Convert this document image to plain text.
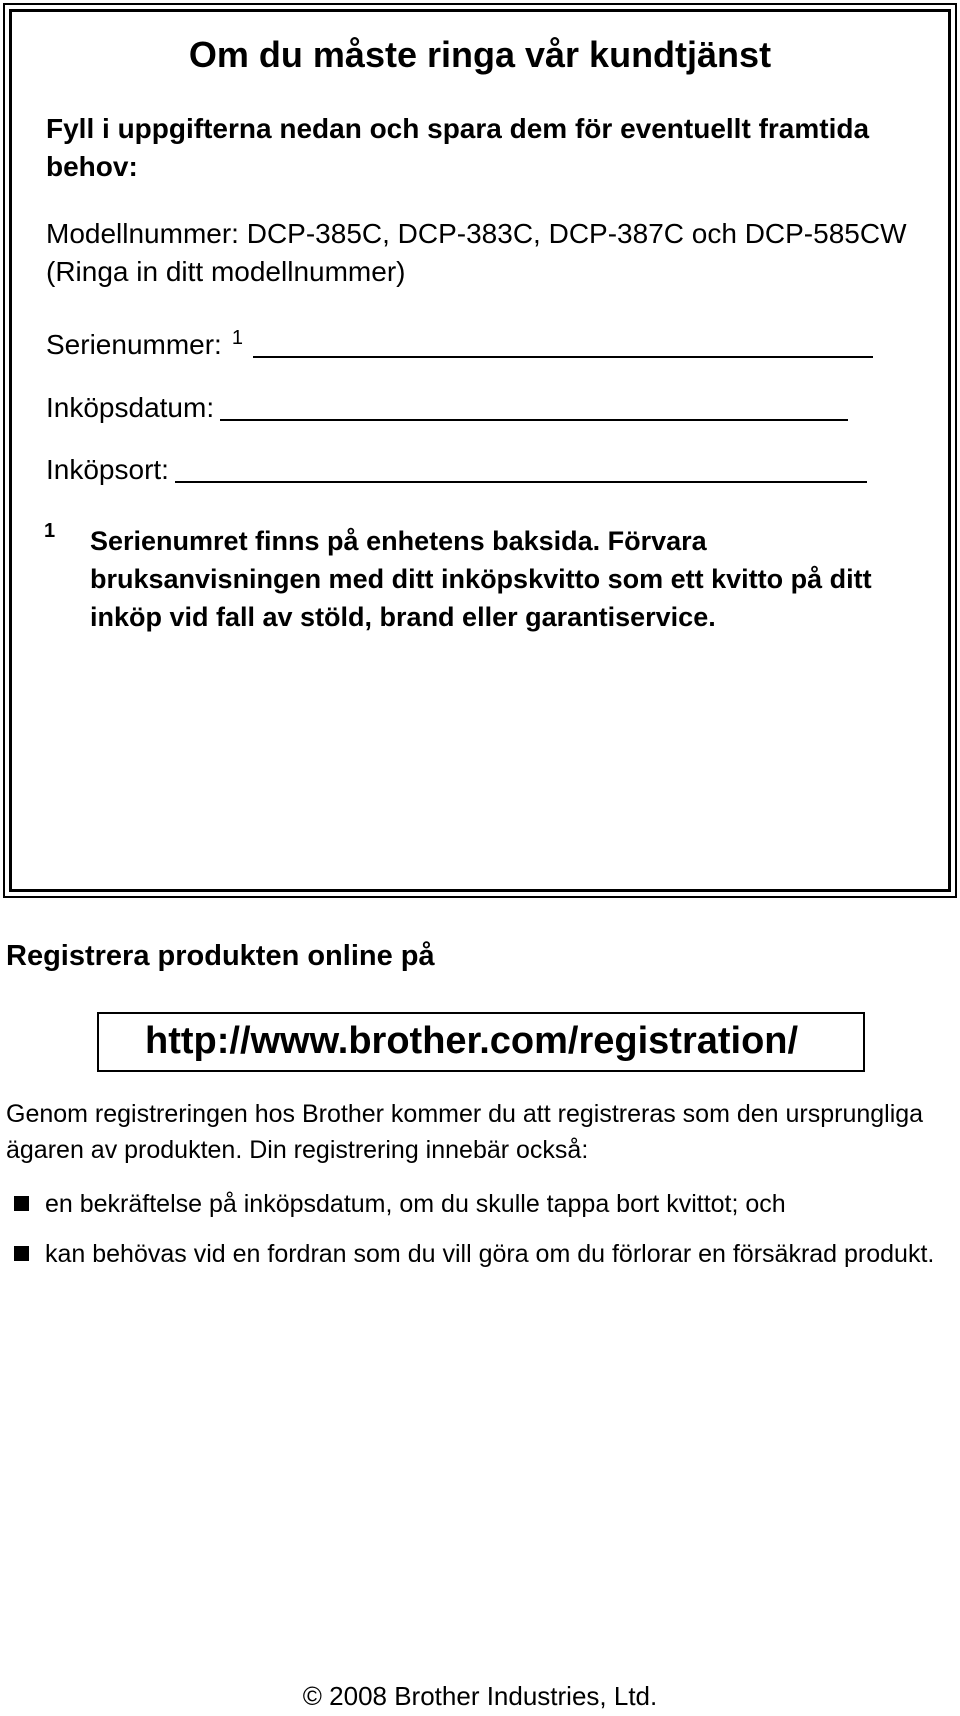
Om du måste ringa vår kundtjänst

Fyll i uppgifterna nedan och spara dem för eventuellt framtida behov:

Modellnummer: DCP-385C, DCP-383C, DCP-387C och DCP-585CW (Ringa in ditt modellnummer)

Serienummer: 1
Inköpsdatum:
Inköpsort:
1 Serienumret finns på enhetens baksida. Förvara bruksanvisningen med ditt inköpskvitto som ett kvitto på ditt inköp vid fall av stöld, brand eller garantiservice.

Registrera produkten online på
http://www.brother.com/registration/

Genom registreringen hos Brother kommer du att registreras som den ursprungliga ägaren av produkten. Din registrering innebär också:

en bekräftelse på inköpsdatum, om du skulle tappa bort kvittot; och
kan behövas vid en fordran som du vill göra om du förlorar en försäkrad produkt.

© 2008 Brother Industries, Ltd.
